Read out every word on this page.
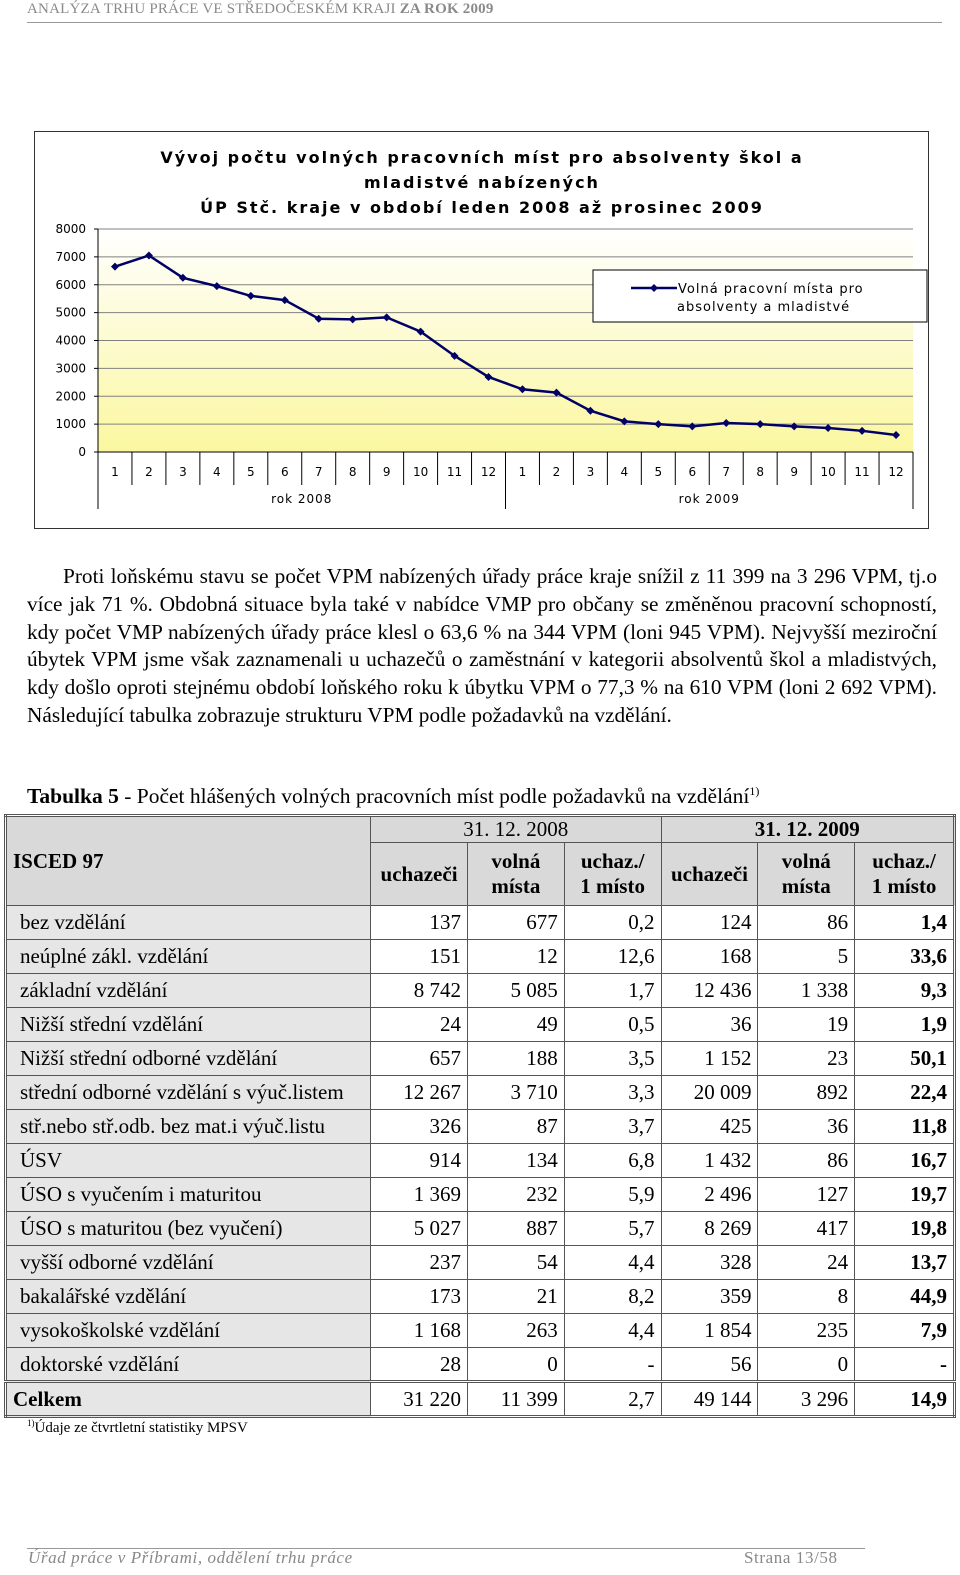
ANALÝZA TRHU PRÁCE VE STŘEDOČESKÉM KRAJI ZA ROK 2009
0
1000
2000
3000
4000
5000
6000
7000
8000
1 2 3 4 5 6 7 8 9 10 11 12 1 2 3 4 5 6 7 8 9 10 11 12
rok 2008	rok 2009
Vývoj počtu volných pracovních míst pro absolventy škol a
mladistvé nabízených
ÚP Stč. kraje v období leden 2008 až prosinec 2009
Volná pracovní místa pro absolventy a mladistvé
Proti loňskému stavu se počet VPM nabízených úřady práce kraje snížil z 11 399 na 3 296 VPM, tj.o více jak 71 %. Obdobná situace byla také v nabídce VMP pro občany se změněnou pracovní schopností, kdy počet VMP nabízených úřady práce klesl o 63,6 % na 344 VPM (loni 945 VPM). Nejvyšší meziroční úbytek VPM jsme však zaznamenali u uchazečů o zaměstnání v kategorii absolventů škol a mladistvých, kdy došlo oproti stejnému období loňského roku k úbytku VPM o 77,3 % na 610 VPM (loni 2 692 VPM). Následující tabulka zobrazuje strukturu VPM podle požadavků na vzdělání.
Tabulka 5 - Počet hlášených volných pracovních míst podle požadavků na vzdělání$^{1)}$
ISCED 97	31. 12. 2008			31. 12. 2009		
	uchazeči	volná
místa	uchaz./
1 místo	uchazeči	volná
místa	uchaz./
1 místo
bez vzdělání	137	677	0,2	124	86	1,4
neúplné zákl. vzdělání	151	12	12,6	168	5	33,6
základní vzdělání	8 742	5 085	1,7	12 436	1 338	9,3
Nižší střední vzdělání	24	49	0,5	36	19	1,9
Nižší střední odborné vzdělání	657	188	3,5	1 152	23	50,1
střední odborné vzdělání s výuč.listem	12 267	3 710	3,3	20 009	892	22,4
stř.nebo stř.odb. bez mat.i výuč.listu	326	87	3,7	425	36	11,8
ÚSV	914	134	6,8	1 432	86	16,7
ÚSO s vyučením i maturitou	1 369	232	5,9	2 496	127	19,7
ÚSO s maturitou (bez vyučení)	5 027	887	5,7	8 269	417	19,8
vyšší odborné vzdělání	237	54	4,4	328	24	13,7
bakalářské vzdělání	173	21	8,2	359	8	44,9
vysokoškolské vzdělání	1 168	263	4,4	1 854	235	7,9
doktorské vzdělání	28	0	-	56	0	-
Celkem	31 220	11 399	2,7	49 144	3 296	14,9
$^{1)}$Údaje ze čtvrtletní statistiky MPSV
Úřad práce v Příbrami, oddělení trhu práce	Strana 13/58
